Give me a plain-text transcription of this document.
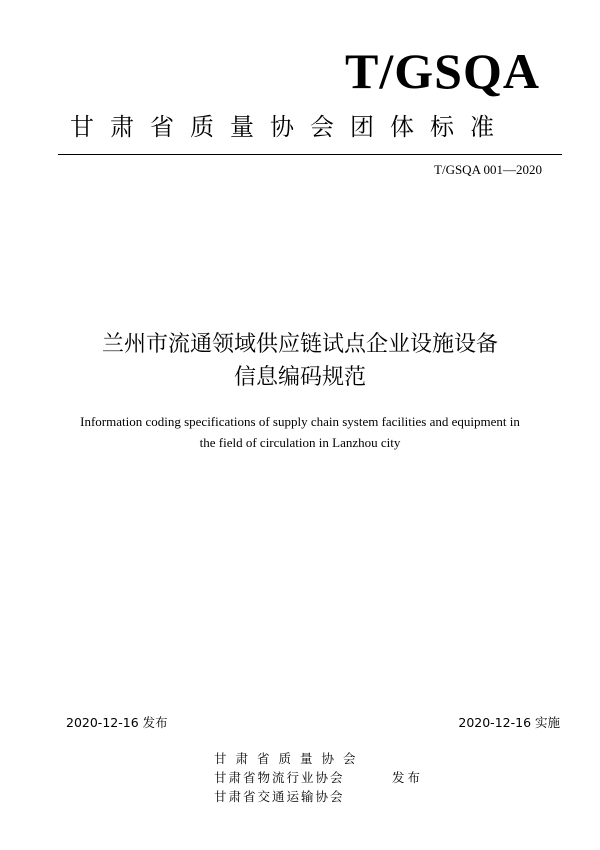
T/GSQA
甘肃省质量协会团体标准
T/GSQA 001—2020
兰州市流通领域供应链试点企业设施设备
信息编码规范
Information coding specifications of supply chain system facilities and equipment in
the field of circulation in Lanzhou city
2020-12-16 发布	2020-12-16 实施
甘肃省质量协会
甘肃省物流行业协会
甘肃省交通运输协会
发布
